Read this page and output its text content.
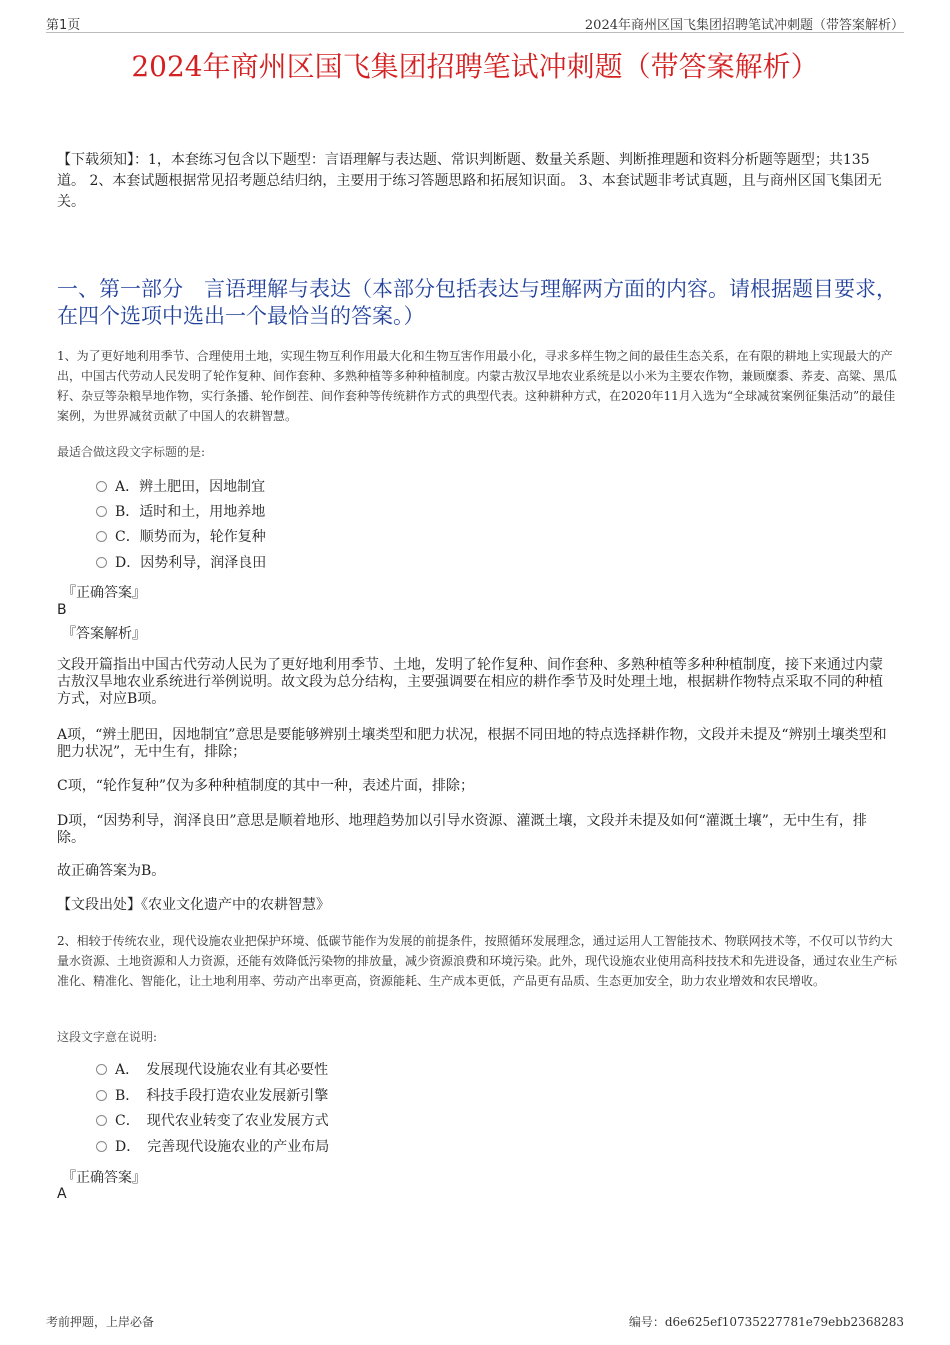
第1页	2024年商州区国飞集团招聘笔试冲刺题（带答案解析）
2024年商州区国飞集团招聘笔试冲刺题（带答案解析）
【下载须知】：1，本套练习包含以下题型：言语理解与表达题、常识判断题、数量关系题、判断推理题和资料分析题等题型；共135道。 2、本套试题根据常见招考题总结归纳，主要用于练习答题思路和拓展知识面。 3、本套试题非考试真题，且与商州区国飞集团无关。
一、第一部分　言语理解与表达（本部分包括表达与理解两方面的内容。请根据题目要求，在四个选项中选出一个最恰当的答案。）
1、为了更好地利用季节、合理使用土地，实现生物互利作用最大化和生物互害作用最小化，寻求多样生物之间的最佳生态关系，在有限的耕地上实现最大的产出，中国古代劳动人民发明了轮作复种、间作套种、多熟种植等多种种植制度。内蒙古敖汉旱地农业系统是以小米为主要农作物，兼顾糜黍、荞麦、高粱、黑瓜籽、杂豆等杂粮旱地作物，实行条播、轮作倒茬、间作套种等传统耕作方式的典型代表。这种耕种方式，在2020年11月入选为“全球减贫案例征集活动”的最佳案例，为世界减贫贡献了中国人的农耕智慧。
最适合做这段文字标题的是:
A．辨土肥田，因地制宜
B．适时和土，用地养地
C．顺势而为，轮作复种
D．因势利导，润泽良田
『正确答案』
B
『答案解析』
文段开篇指出中国古代劳动人民为了更好地利用季节、土地，发明了轮作复种、间作套种、多熟种植等多种种植制度，接下来通过内蒙古敖汉旱地农业系统进行举例说明。故文段为总分结构，主要强调要在相应的耕作季节及时处理土地，根据耕作物特点采取不同的种植方式，对应B项。
A项，“辨土肥田，因地制宜”意思是要能够辨别土壤类型和肥力状况，根据不同田地的特点选择耕作物，文段并未提及“辨别土壤类型和肥力状况”，无中生有，排除；
C项，“轮作复种”仅为多种种植制度的其中一种，表述片面，排除；
D项，“因势利导，润泽良田”意思是顺着地形、地理趋势加以引导水资源、灌溉土壤，文段并未提及如何“灌溉土壤”，无中生有，排除。
故正确答案为B。
【文段出处】《农业文化遗产中的农耕智慧》
2、相较于传统农业，现代设施农业把保护环境、低碳节能作为发展的前提条件，按照循环发展理念，通过运用人工智能技术、物联网技术等，不仅可以节约大量水资源、土地资源和人力资源，还能有效降低污染物的排放量，减少资源浪费和环境污染。此外，现代设施农业使用高科技技术和先进设备，通过农业生产标准化、精准化、智能化，让土地利用率、劳动产出率更高，资源能耗、生产成本更低，产品更有品质、生态更加安全，助力农业增效和农民增收。
这段文字意在说明:
A．　发展现代设施农业有其必要性
B．　科技手段打造农业发展新引擎
C．　现代农业转变了农业发展方式
D．　完善现代设施农业的产业布局
『正确答案』
A
考前押题，上岸必备	编号：d6e625ef10735227781e79ebb2368283
